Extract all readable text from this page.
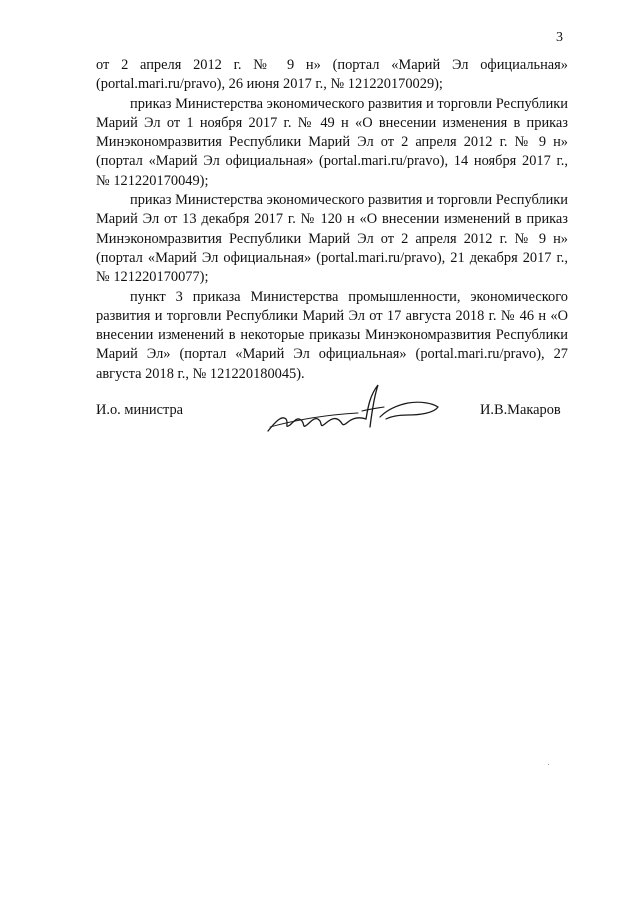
3

от 2 апреля 2012 г. № 9 н» (портал «Марий Эл официальная» (portal.mari.ru/pravo), 26 июня 2017 г., № 121220170029);

приказ Министерства экономического развития и торговли Республики Марий Эл от 1 ноября 2017 г. № 49 н «О внесении изменения в приказ Минэкономразвития Республики Марий Эл от 2 апреля 2012 г. № 9 н» (портал «Марий Эл официальная» (portal.mari.ru/pravo), 14 ноября 2017 г., № 121220170049);

приказ Министерства экономического развития и торговли Республики Марий Эл от 13 декабря 2017 г. № 120 н «О внесении изменений в приказ Минэкономразвития Республики Марий Эл от 2 апреля 2012 г. № 9 н» (портал «Марий Эл официальная» (portal.mari.ru/pravo), 21 декабря 2017 г., № 121220170077);

пункт 3 приказа Министерства промышленности, экономического развития и торговли Республики Марий Эл от 17 августа 2018 г. № 46 н «О внесении изменений в некоторые приказы Минэкономразвития Республики Марий Эл» (портал «Марий Эл официальная» (portal.mari.ru/pravo), 27 августа 2018 г., № 121220180045).

И.о. министра	И.В.Макаров
